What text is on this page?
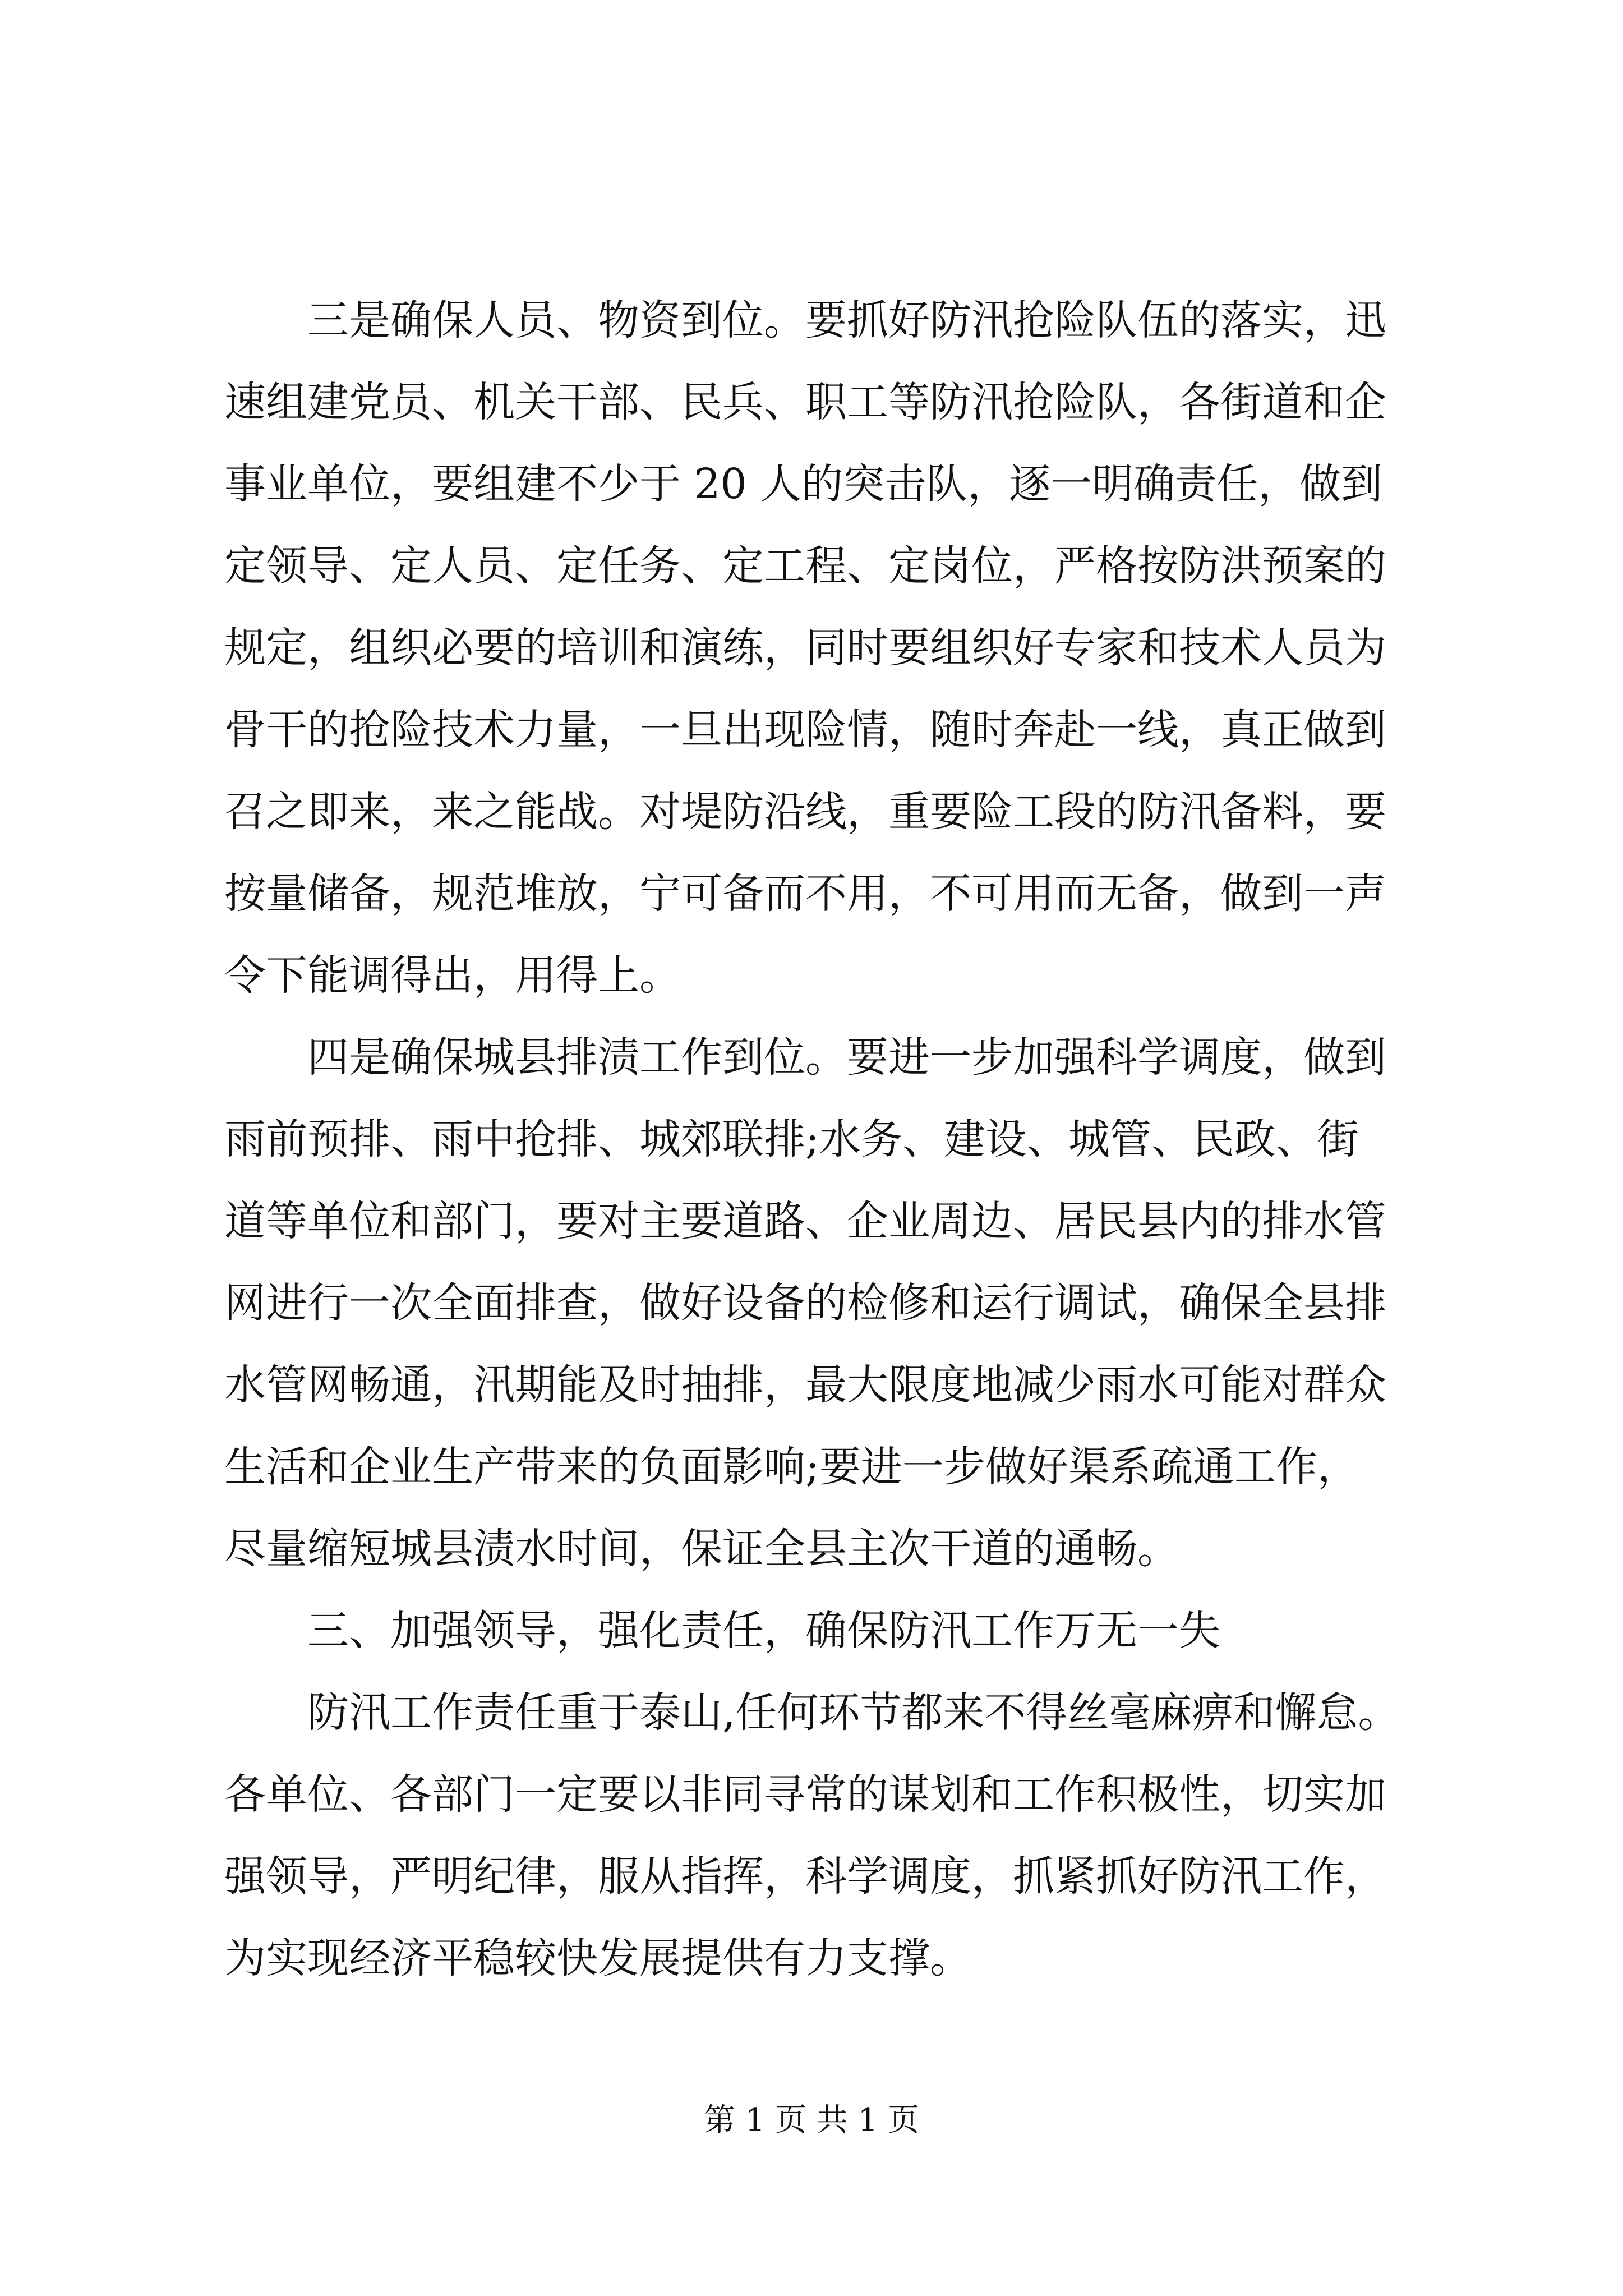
　　三是确保人员、物资到位。要抓好防汛抢险队伍的落实，迅
速组建党员、机关干部、民兵、职工等防汛抢险队，各街道和企
事业单位，要组建不少于 20 人的突击队，逐一明确责任，做到
定领导、定人员、定任务、定工程、定岗位，严格按防洪预案的
规定，组织必要的培训和演练，同时要组织好专家和技术人员为
骨干的抢险技术力量，一旦出现险情，随时奔赴一线，真正做到
召之即来，来之能战。对堤防沿线，重要险工段的防汛备料，要
按量储备，规范堆放，宁可备而不用，不可用而无备，做到一声
令下能调得出，用得上。
　　四是确保城县排渍工作到位。要进一步加强科学调度，做到
雨前预排、雨中抢排、城郊联排;水务、建设、城管、民政、街
道等单位和部门，要对主要道路、企业周边、居民县内的排水管
网进行一次全面排查，做好设备的检修和运行调试，确保全县排
水管网畅通，汛期能及时抽排，最大限度地减少雨水可能对群众
生活和企业生产带来的负面影响;要进一步做好渠系疏通工作，
尽量缩短城县渍水时间，保证全县主次干道的通畅。
　　三、加强领导，强化责任，确保防汛工作万无一失
　　防汛工作责任重于泰山,任何环节都来不得丝毫麻痹和懈怠。
各单位、各部门一定要以非同寻常的谋划和工作积极性，切实加
强领导，严明纪律，服从指挥，科学调度，抓紧抓好防汛工作，
为实现经济平稳较快发展提供有力支撑。
第 1 页 共 1 页
